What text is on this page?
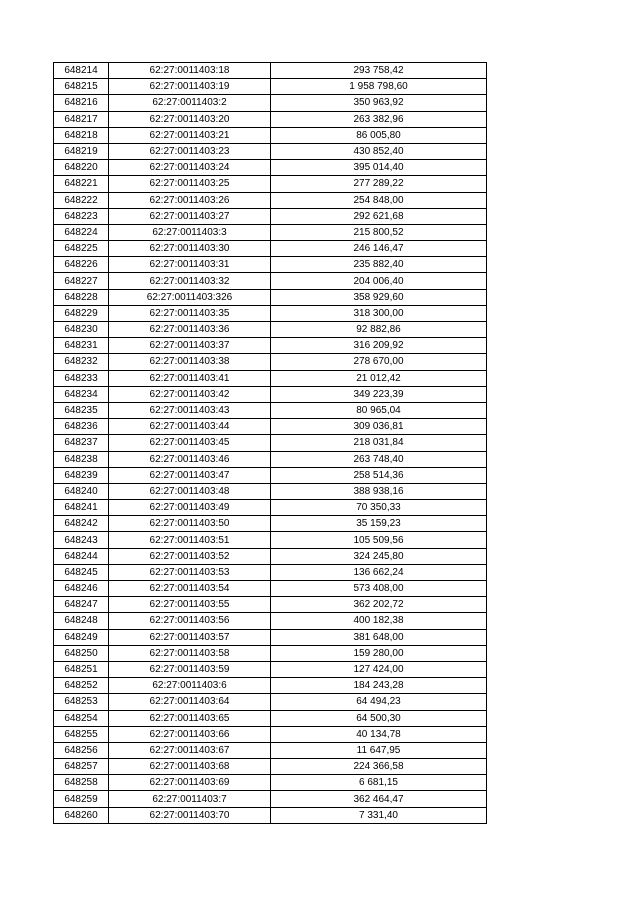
648214	62:27:0011403:18	293 758,42
648215	62:27:0011403:19	1 958 798,60
648216	62:27:0011403:2	350 963,92
648217	62:27:0011403:20	263 382,96
648218	62:27:0011403:21	86 005,80
648219	62:27:0011403:23	430 852,40
648220	62:27:0011403:24	395 014,40
648221	62:27:0011403:25	277 289,22
648222	62:27:0011403:26	254 848,00
648223	62:27:0011403:27	292 621,68
648224	62:27:0011403:3	215 800,52
648225	62:27:0011403:30	246 146,47
648226	62:27:0011403:31	235 882,40
648227	62:27:0011403:32	204 006,40
648228	62:27:0011403:326	358 929,60
648229	62:27:0011403:35	318 300,00
648230	62:27:0011403:36	92 882,86
648231	62:27:0011403:37	316 209,92
648232	62:27:0011403:38	278 670,00
648233	62:27:0011403:41	21 012,42
648234	62:27:0011403:42	349 223,39
648235	62:27:0011403:43	80 965,04
648236	62:27:0011403:44	309 036,81
648237	62:27:0011403:45	218 031,84
648238	62:27:0011403:46	263 748,40
648239	62:27:0011403:47	258 514,36
648240	62:27:0011403:48	388 938,16
648241	62:27:0011403:49	70 350,33
648242	62:27:0011403:50	35 159,23
648243	62:27:0011403:51	105 509,56
648244	62:27:0011403:52	324 245,80
648245	62:27:0011403:53	136 662,24
648246	62:27:0011403:54	573 408,00
648247	62:27:0011403:55	362 202,72
648248	62:27:0011403:56	400 182,38
648249	62:27:0011403:57	381 648,00
648250	62:27:0011403:58	159 280,00
648251	62:27:0011403:59	127 424,00
648252	62:27:0011403:6	184 243,28
648253	62:27:0011403:64	64 494,23
648254	62:27:0011403:65	64 500,30
648255	62:27:0011403:66	40 134,78
648256	62:27:0011403:67	11 647,95
648257	62:27:0011403:68	224 366,58
648258	62:27:0011403:69	6 681,15
648259	62:27:0011403:7	362 464,47
648260	62:27:0011403:70	7 331,40
